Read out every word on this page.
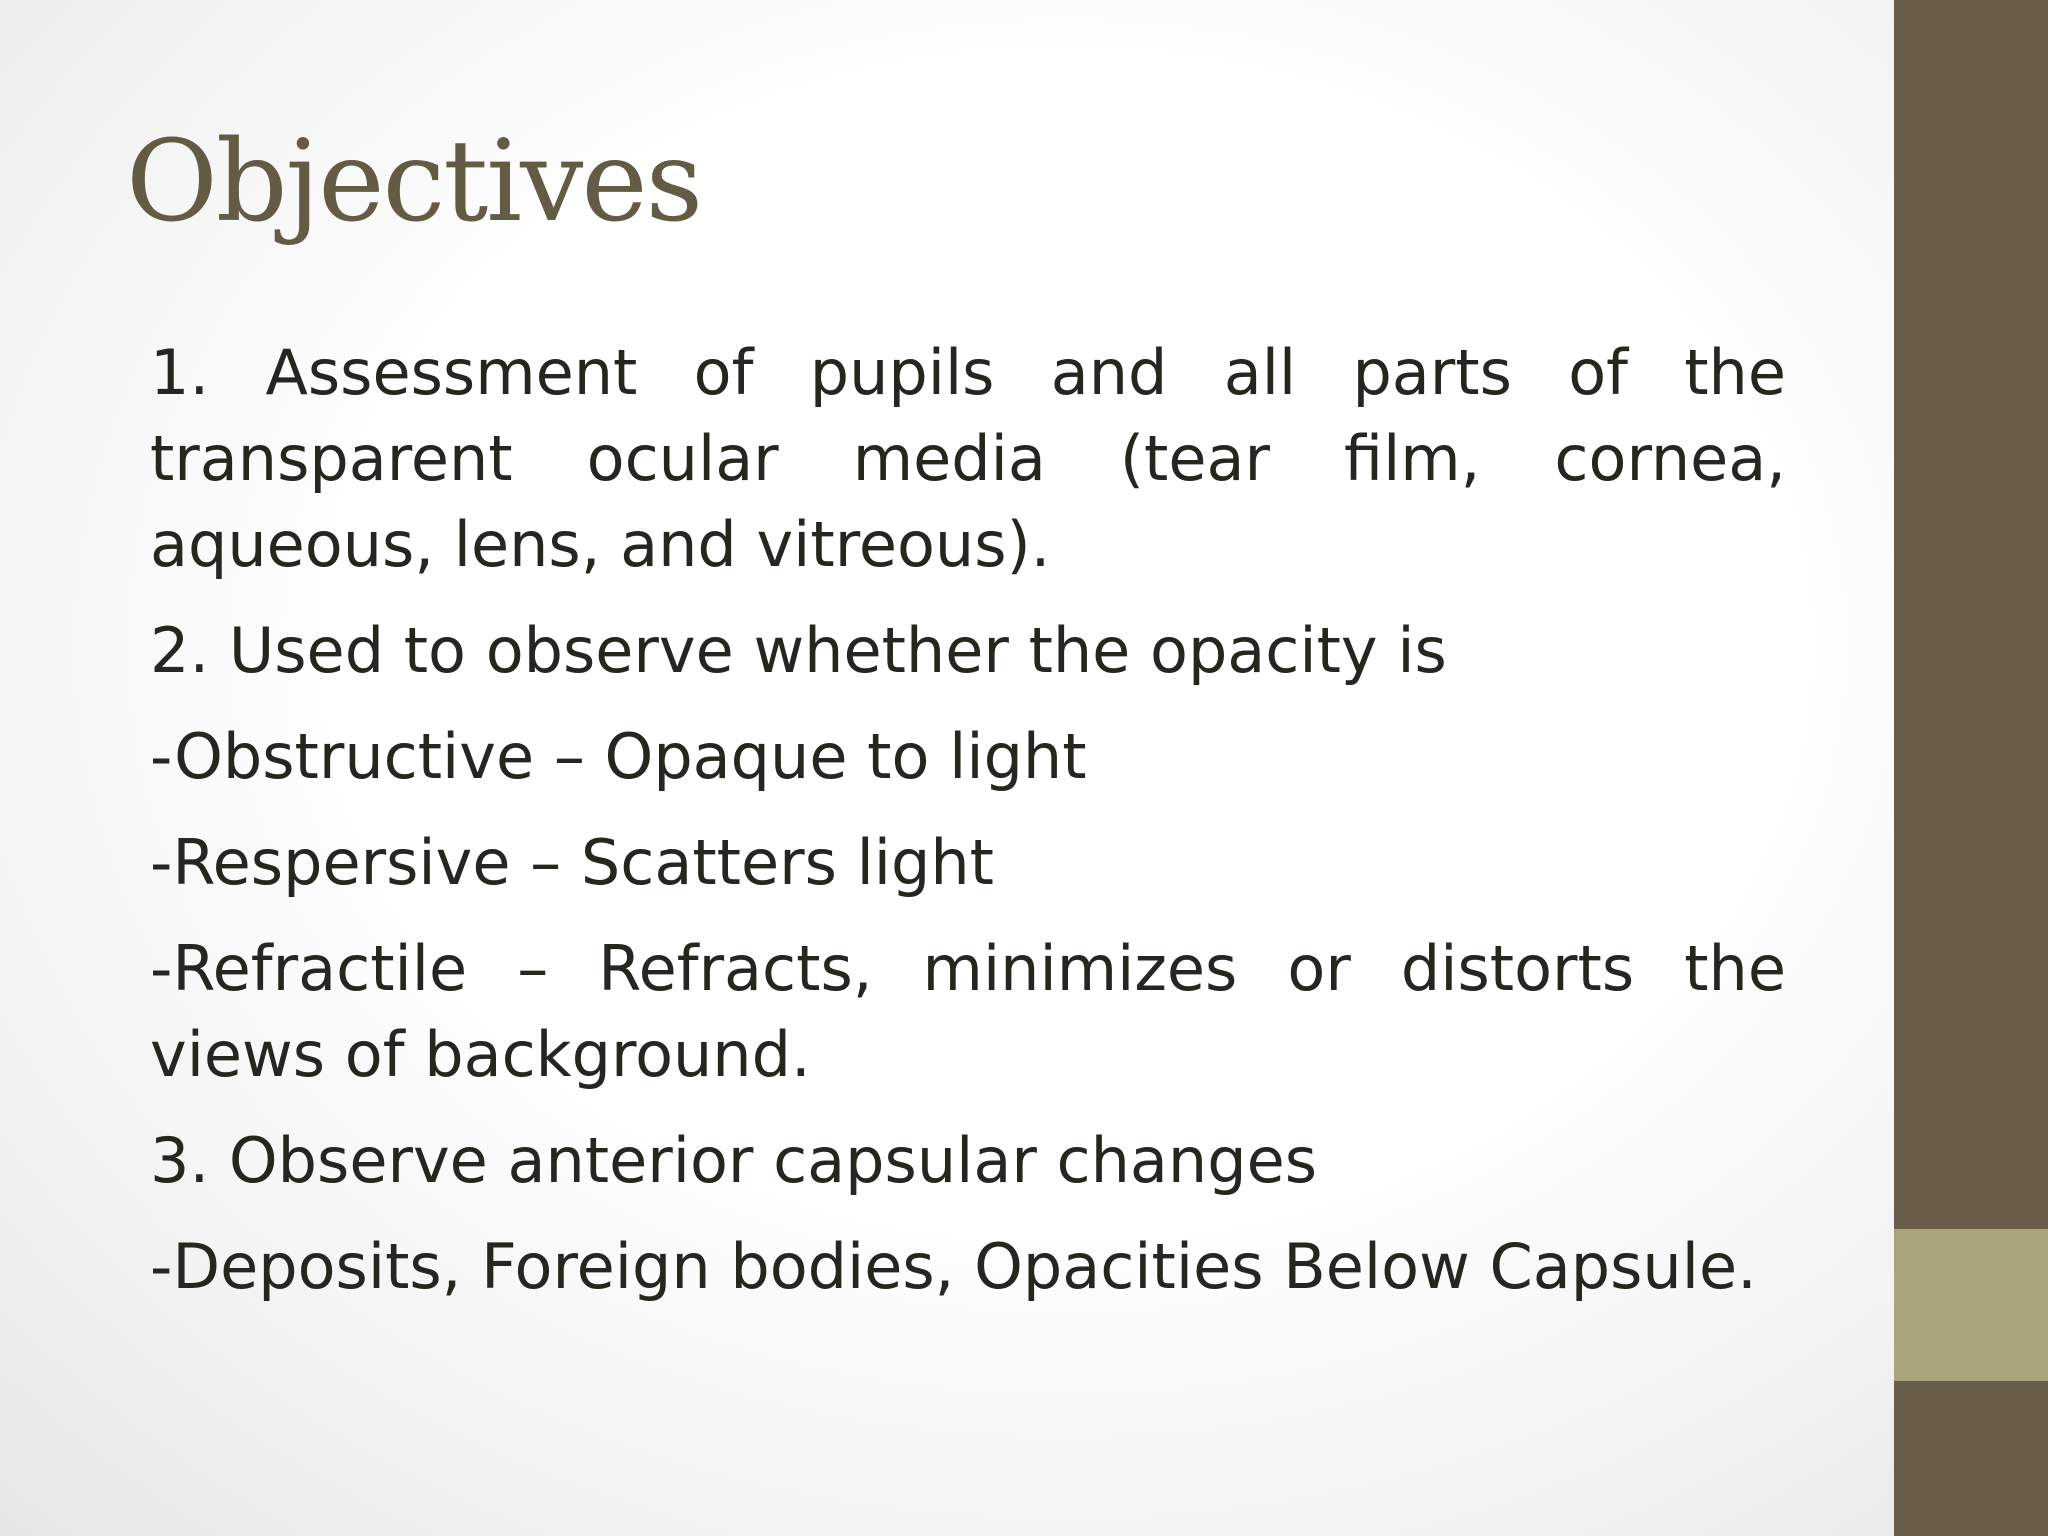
Objectives

1. Assessment of pupils and all parts of the transparent ocular media (tear film, cornea, aqueous, lens, and vitreous).

2. Used to observe whether the opacity is

-Obstructive – Opaque to light

-Respersive – Scatters light

-Refractile – Refracts, minimizes or distorts the views of background.

3. Observe anterior capsular changes

-Deposits, Foreign bodies, Opacities Below Capsule.
